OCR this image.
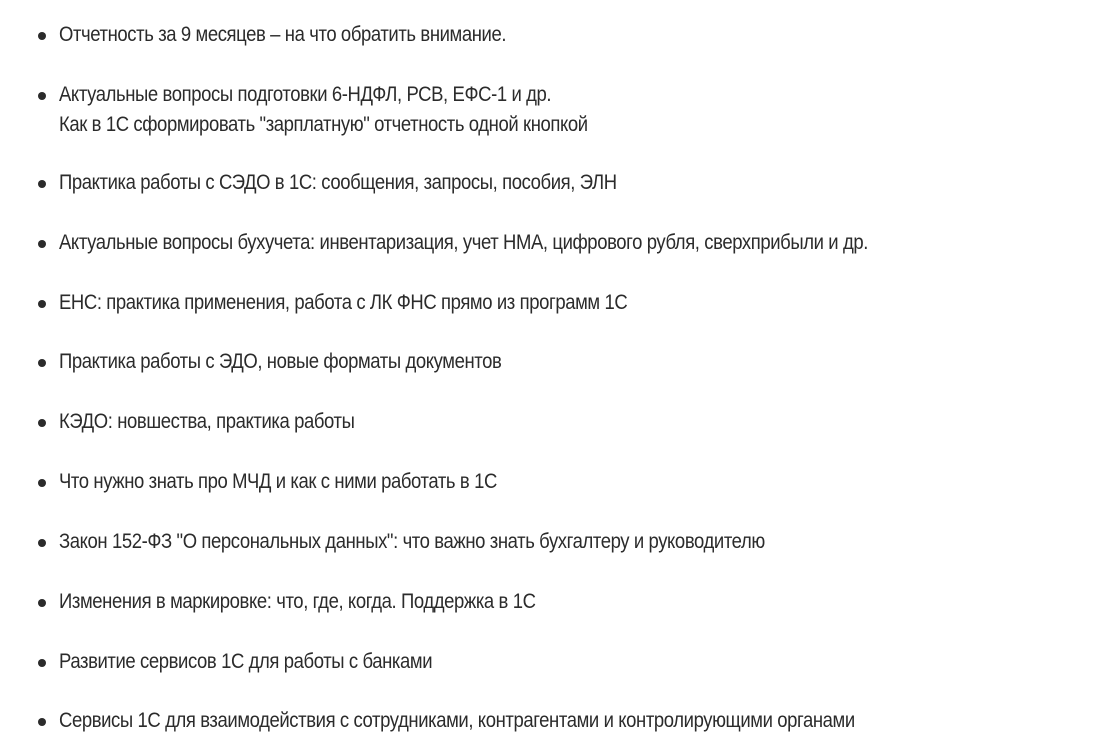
Отчетность за 9 месяцев – на что обратить внимание.

Актуальные вопросы подготовки 6-НДФЛ, РСВ, ЕФС-1 и др.
Как в 1С сформировать "зарплатную" отчетность одной кнопкой

Практика работы с СЭДО в 1С: сообщения, запросы, пособия, ЭЛН

Актуальные вопросы бухучета: инвентаризация, учет НМА, цифрового рубля, сверхприбыли и др.

ЕНС: практика применения, работа с ЛК ФНС прямо из программ 1С

Практика работы с ЭДО, новые форматы документов

КЭДО: новшества, практика работы

Что нужно знать про МЧД и как с ними работать в 1С

Закон 152-ФЗ "О персональных данных": что важно знать бухгалтеру и руководителю

Изменения в маркировке: что, где, когда. Поддержка в 1С

Развитие сервисов 1С для работы с банками

Сервисы 1С для взаимодействия с сотрудниками, контрагентами и контролирующими органами
